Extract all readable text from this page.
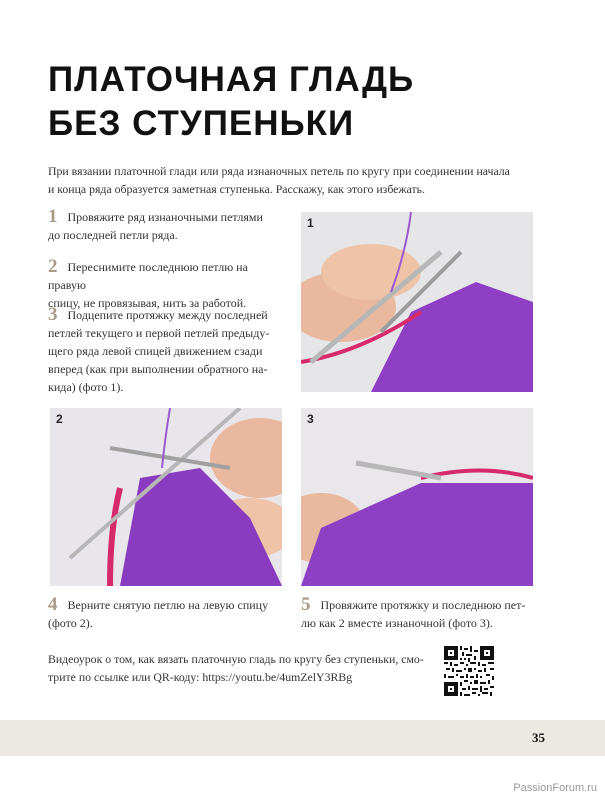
ПЛАТОЧНАЯ ГЛАДЬ
БЕЗ СТУПЕНЬКИ

При вязании платочной глади или ряда изнаночных петель по кругу при соединении начала
и конца ряда образуется заметная ступенька. Расскажу, как этого избежать.

1 Провяжите ряд изнаночными петлями
до последней петли ряда.

2 Переснимите последнюю петлю на правую
спицу, не провязывая, нить за работой.

3 Подцепите протяжку между последней
петлей текущего и первой петлей предыду-
щего ряда левой спицей движением сзади
вперед (как при выполнении обратного на-
кида) (фото 1).

1
2	3

4 Верните снятую петлю на левую спицу
(фото 2).

5 Провяжите протяжку и последнюю пет-
лю как 2 вместе изнаночной (фото 3).

Видеоурок о том, как вязать платочную гладь по кругу без ступеньки, смо-
трите по ссылке или QR-коду: https://youtu.be/4umZelY3RBg

35
PassionForum.ru
